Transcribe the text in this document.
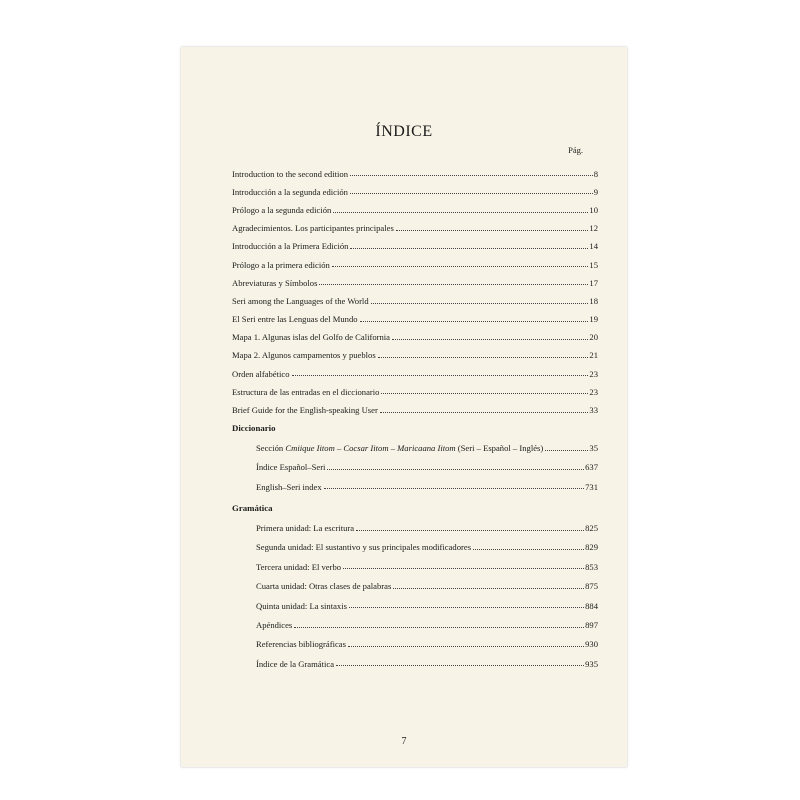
ÍNDICE
Pág.
Introduction to the second edition	8
Introducción a la segunda edición	9
Prólogo a la segunda edición	10
Agradecimientos. Los participantes principales	12
Introducción a la Primera Edición	14
Prólogo a la primera edición	15
Abreviaturas y Símbolos	17
Seri among the Languages of the World	18
El Seri entre las Lenguas del Mundo	19
Mapa 1. Algunas islas del Golfo de California	20
Mapa 2. Algunos campamentos y pueblos	21
Orden alfabético	23
Estructura de las entradas en el diccionario	23
Brief Guide for the English-speaking User	33
Diccionario
Sección Cmiique Iitom – Cocsar Iitom – Maricaana Iitom (Seri – Español – Inglés)	35
Índice Español–Seri	637
English–Seri index	731
Gramática
Primera unidad: La escritura	825
Segunda unidad: El sustantivo y sus principales modificadores	829
Tercera unidad: El verbo	853
Cuarta unidad: Otras clases de palabras	875
Quinta unidad: La sintaxis	884
Apéndices	897
Referencias bibliográficas	930
Índice de la Gramática	935
7
